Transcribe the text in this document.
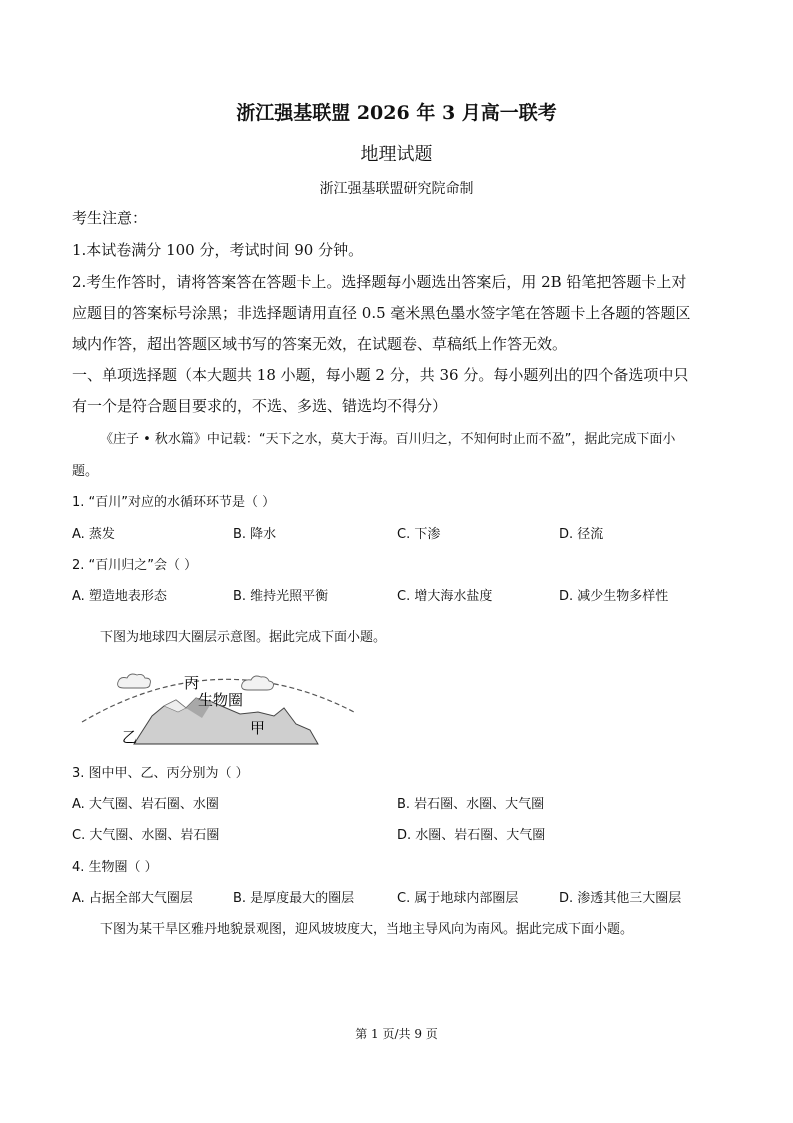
浙江强基联盟 2026 年 3 月高一联考
地理试题
浙江强基联盟研究院命制
考生注意：
1.本试卷满分 100 分，考试时间 90 分钟。
2.考生作答时，请将答案答在答题卡上。选择题每小题选出答案后，用 2B 铅笔把答题卡上对
应题目的答案标号涂黑；非选择题请用直径 0.5 毫米黑色墨水签字笔在答题卡上各题的答题区
域内作答，超出答题区域书写的答案无效，在试题卷、草稿纸上作答无效。
一、单项选择题（本大题共 18 小题，每小题 2 分，共 36 分。每小题列出的四个备选项中只
有一个是符合题目要求的，不选、多选、错选均不得分）
《庄子 • 秋水篇》中记载：“天下之水，莫大于海。百川归之，不知何时止而不盈”，据此完成下面小
题。
1. “百川”对应的水循环环节是（ ）
A. 蒸发	B. 降水	C. 下渗	D. 径流
2. “百川归之”会（ ）
A. 塑造地表形态	B. 维持光照平衡	C. 增大海水盐度	D. 减少生物多样性
下图为地球四大圈层示意图。据此完成下面小题。
丙
生物圈
甲
乙
3. 图中甲、乙、丙分别为（ ）
A. 大气圈、岩石圈、水圈	B. 岩石圈、水圈、大气圈
C. 大气圈、水圈、岩石圈	D. 水圈、岩石圈、大气圈
4. 生物圈（ ）
A. 占据全部大气圈层	B. 是厚度最大的圈层	C. 属于地球内部圈层	D. 渗透其他三大圈层
下图为某干旱区雅丹地貌景观图，迎风坡坡度大，当地主导风向为南风。据此完成下面小题。
第 1 页/共 9 页
